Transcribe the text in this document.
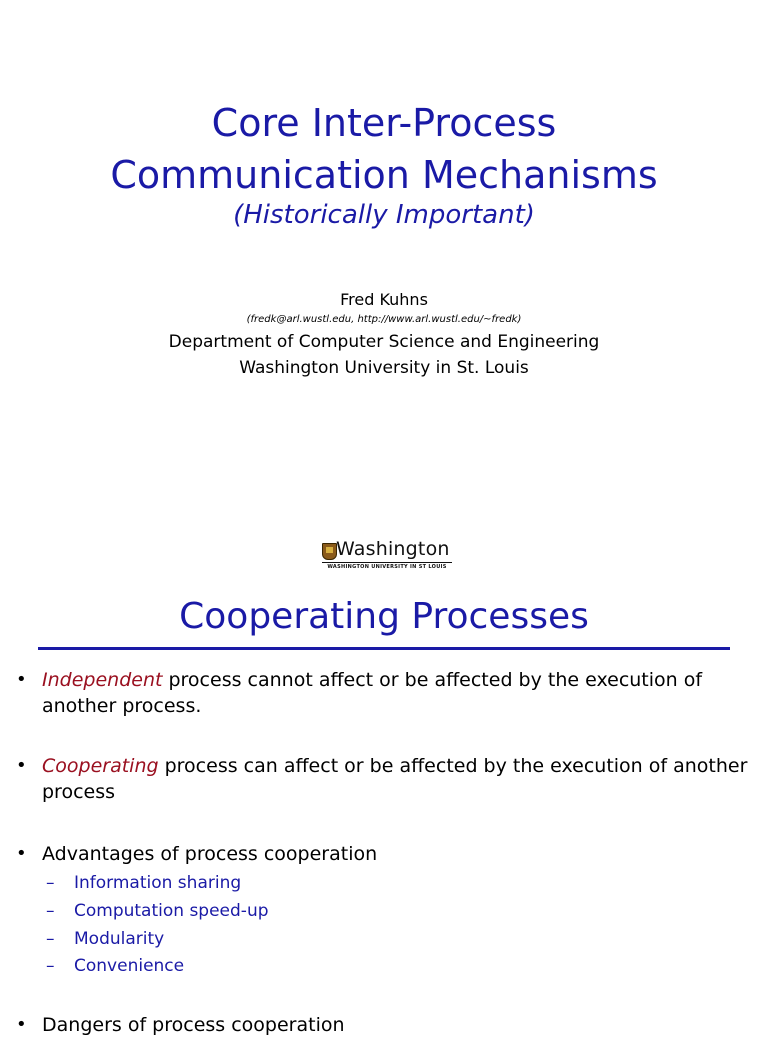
Core Inter-Process
Communication Mechanisms
(Historically Important)
Fred Kuhns
(fredk@arl.wustl.edu, http://www.arl.wustl.edu/~fredk)
Department of Computer Science and Engineering
Washington University in St. Louis
Washington
WASHINGTON UNIVERSITY IN ST LOUIS
Cooperating Processes
• Independent process cannot affect or be affected by the execution of another process.
• Cooperating process can affect or be affected by the execution of another process
• Advantages of process cooperation
– Information sharing
– Computation speed-up
– Modularity
– Convenience
• Dangers of process cooperation
